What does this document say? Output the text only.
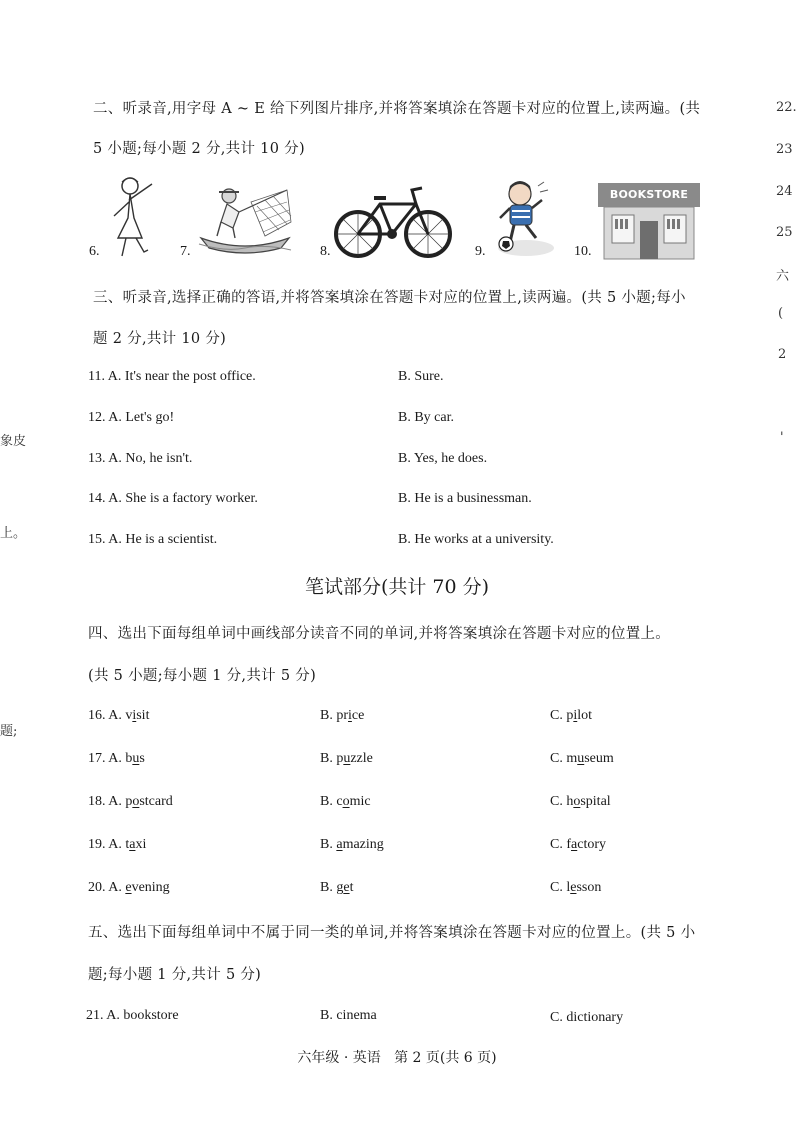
22.
23
24
25
六
(
2
'
象皮
上。
题;
二、听录音,用字母 A ~ E 给下列图片排序,并将答案填涂在答题卡对应的位置上,读两遍。(共
5 小题;每小题 2 分,共计 10 分)
6.	7.	8.	9.	10.
BOOKSTORE
三、听录音,选择正确的答语,并将答案填涂在答题卡对应的位置上,读两遍。(共 5 小题;每小
题 2 分,共计 10 分)
11. A. It's near the post office.	B. Sure.
12. A. Let's go!	B. By car.
13. A. No, he isn't.	B. Yes, he does.
14. A. She is a factory worker.	B. He is a businessman.
15. A. He is a scientist.	B. He works at a university.
笔试部分(共计 70 分)
四、选出下面每组单词中画线部分读音不同的单词,并将答案填涂在答题卡对应的位置上。
(共 5 小题;每小题 1 分,共计 5 分)
16. A. visit	B. price	C. pilot
17. A. bus	B. puzzle	C. museum
18. A. postcard	B. comic	C. hospital
19. A. taxi	B. amazing	C. factory
20. A. evening	B. get	C. lesson
五、选出下面每组单词中不属于同一类的单词,并将答案填涂在答题卡对应的位置上。(共 5 小
题;每小题 1 分,共计 5 分)
21. A. bookstore	B. cinema	C. dictionary
六年级 · 英语   第 2 页(共 6 页)
